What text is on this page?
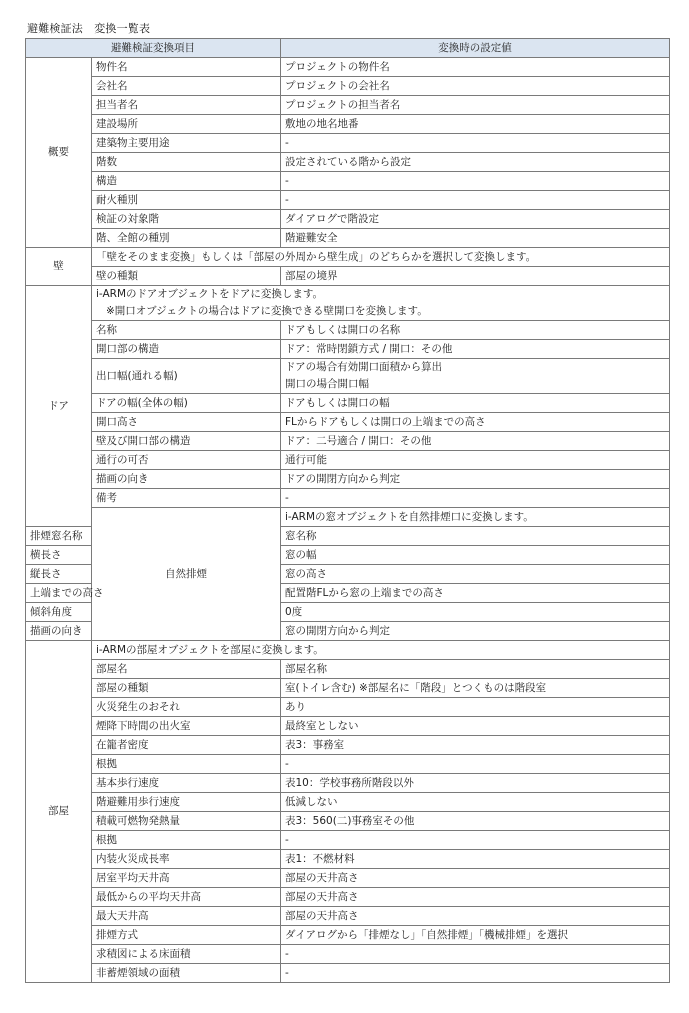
避難検証法　変換一覧表
避難検証変換項目		変換時の設定値
概要	物件名	プロジェクトの物件名
	会社名	プロジェクトの会社名
	担当者名	プロジェクトの担当者名
	建設場所	敷地の地名地番
	建築物主要用途	-
	階数	設定されている階から設定
	構造	-
	耐火種別	-
	検証の対象階	ダイアログで階設定
	階、全館の種別	階避難安全
壁	「壁をそのまま変換」もしくは「部屋の外周から壁生成」のどちらかを選択して変換します。	
	壁の種類	部屋の境界
ドア	i-ARMのドアオブジェクトをドアに変換します。
※開口オブジェクトの場合はドアに変換できる壁開口を変換します。	

	名称	ドアもしくは開口の名称
	開口部の構造	ドア：常時閉鎖方式 / 開口：その他
	出口幅(通れる幅)	ドアの場合有効開口面積から算出
開口の場合開口幅

	ドアの幅(全体の幅)	ドアもしくは開口の幅
	開口高さ	FLからドアもしくは開口の上端までの高さ
	壁及び開口部の構造	ドア：二号適合 / 開口：その他
	通行の可否	通行可能
	描画の向き	ドアの開閉方向から判定
	備考	-
	自然排煙	i-ARMの窓オブジェクトを自然排煙口に変換します。
排煙窓名称		窓名称
横長さ		窓の幅
縦長さ		窓の高さ
上端までの高さ		配置階FLから窓の上端までの高さ
傾斜角度		0度
描画の向き		窓の開閉方向から判定
部屋	i-ARMの部屋オブジェクトを部屋に変換します。	
	部屋名	部屋名称
	部屋の種類	室(トイレ含む) ※部屋名に「階段」とつくものは階段室
	火災発生のおそれ	あり
	煙降下時間の出火室	最終室としない
	在籠者密度	表3：事務室
	根拠	-
	基本歩行速度	表10：学校事務所階段以外
	階避難用歩行速度	低減しない
	積載可燃物発熱量	表3：560(二)事務室その他
	根拠	-
	内装火災成長率	表1：不燃材料
	居室平均天井高	部屋の天井高さ
	最低からの平均天井高	部屋の天井高さ
	最大天井高	部屋の天井高さ
	排煙方式	ダイアログから「排煙なし」「自然排煙」「機械排煙」を選択
	求積図による床面積	-
	非蓄煙領域の面積	-
